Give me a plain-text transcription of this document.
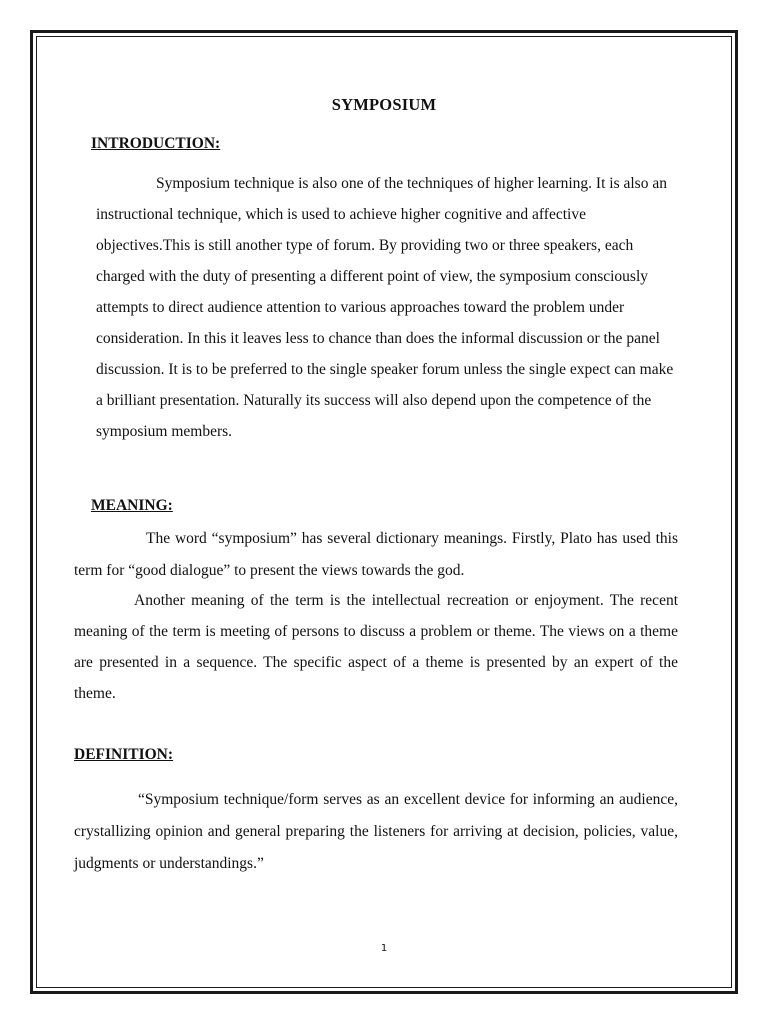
SYMPOSIUM
INTRODUCTION:

Symposium technique is also one of the techniques of higher learning. It is also an instructional technique, which is used to achieve higher cognitive and affective objectives.This is still another type of forum. By providing two or three speakers, each charged with the duty of presenting a different point of view, the symposium consciously attempts to direct audience attention to various approaches toward the problem under consideration. In this it leaves less to chance than does the informal discussion or the panel discussion. It is to be preferred to the single speaker forum unless the single expect can make a brilliant presentation. Naturally its success will also depend upon the competence of the symposium members.

MEANING:

The word “symposium” has several dictionary meanings. Firstly, Plato has used this term for “good dialogue” to present the views towards the god.

Another meaning of the term is the intellectual recreation or enjoyment. The recent meaning of the term is meeting of persons to discuss a problem or theme. The views on a theme are presented in a sequence. The specific aspect of a theme is presented by an expert of the theme.

DEFINITION:

“Symposium technique/form serves as an excellent device for informing an audience, crystallizing opinion and general preparing the listeners for arriving at decision, policies, value, judgments or understandings.”

1
